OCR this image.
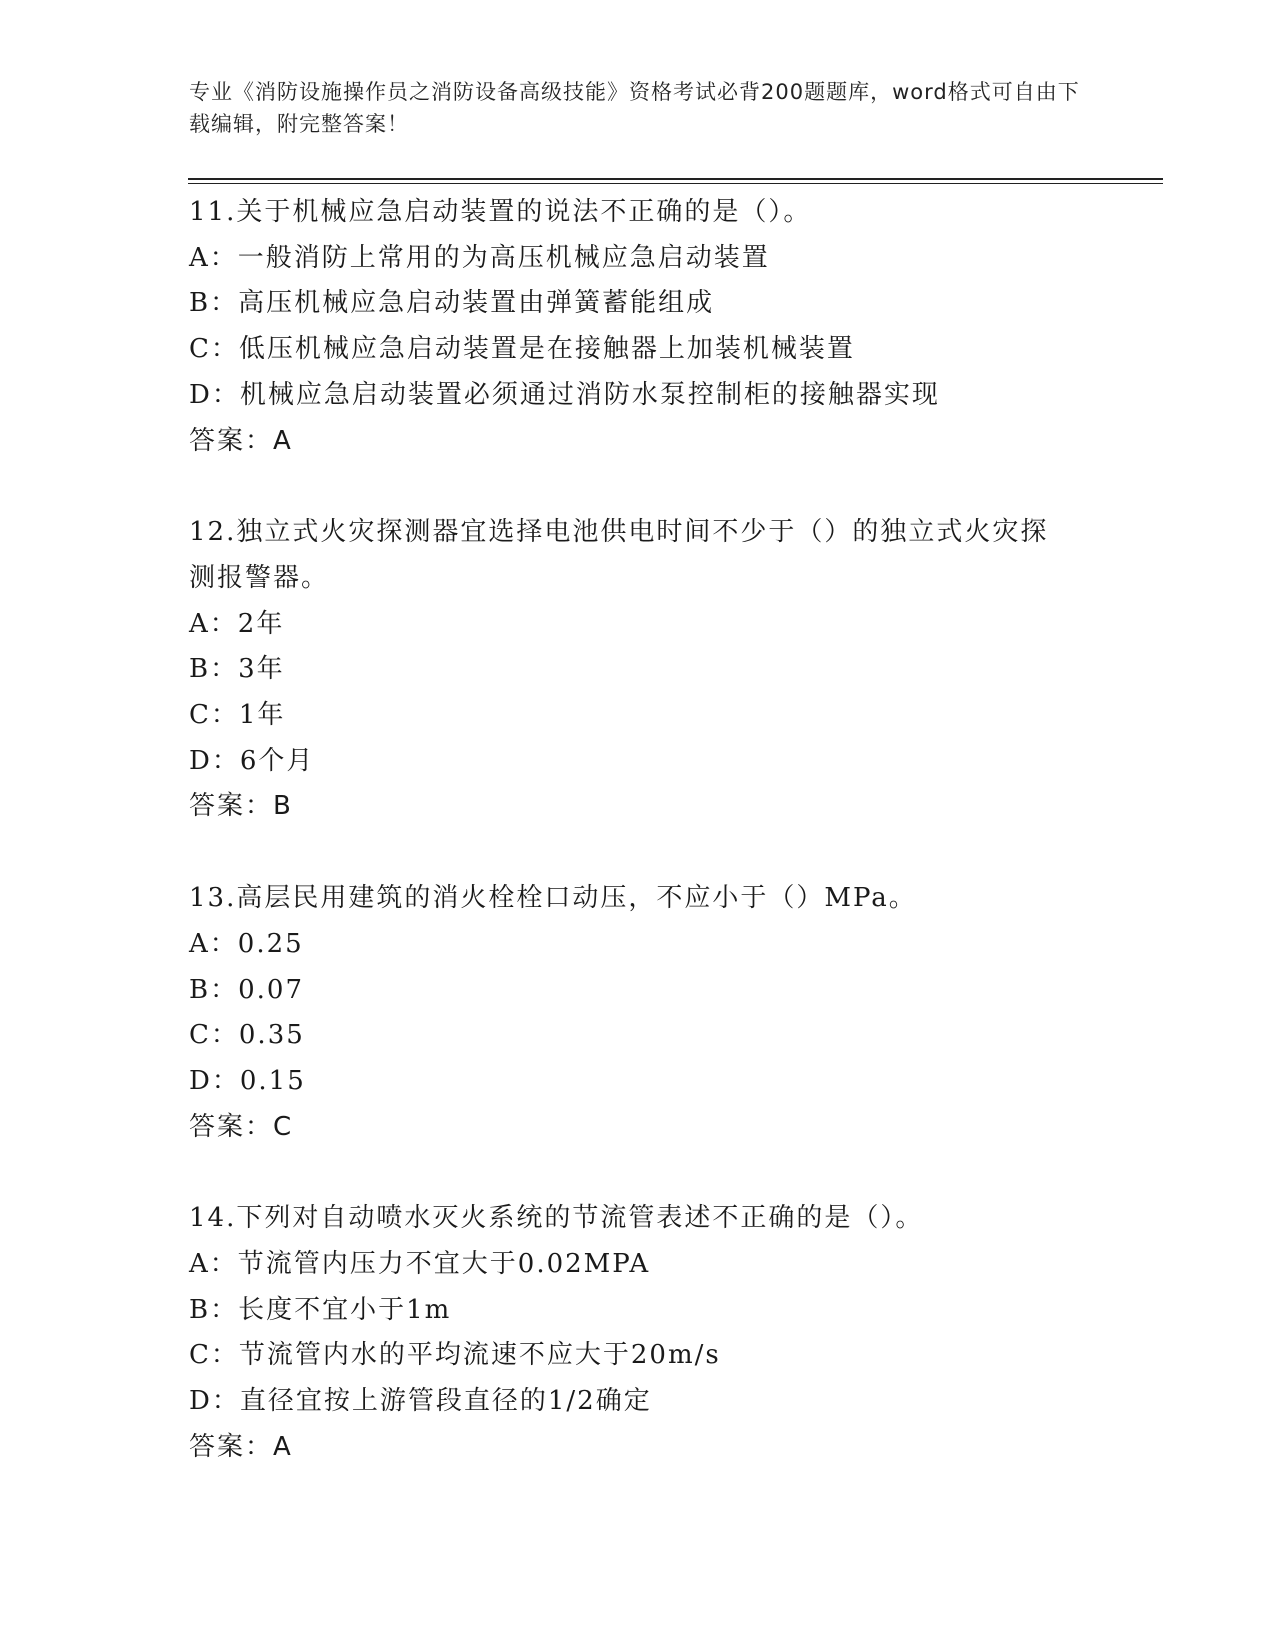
专业《消防设施操作员之消防设备高级技能》资格考试必背200题题库，word格式可自由下载编辑，附完整答案！
11.关于机械应急启动装置的说法不正确的是（）。
A：一般消防上常用的为高压机械应急启动装置
B：高压机械应急启动装置由弹簧蓄能组成
C：低压机械应急启动装置是在接触器上加装机械装置
D：机械应急启动装置必须通过消防水泵控制柜的接触器实现
答案：A
12.独立式火灾探测器宜选择电池供电时间不少于（）的独立式火灾探测报警器。
A：2年
B：3年
C：1年
D：6个月
答案：B
13.高层民用建筑的消火栓栓口动压，不应小于（）MPa。
A：0.25
B：0.07
C：0.35
D：0.15
答案：C
14.下列对自动喷水灭火系统的节流管表述不正确的是（）。
A：节流管内压力不宜大于0.02MPA
B：长度不宜小于1m
C：节流管内水的平均流速不应大于20m/s
D：直径宜按上游管段直径的1/2确定
答案：A
